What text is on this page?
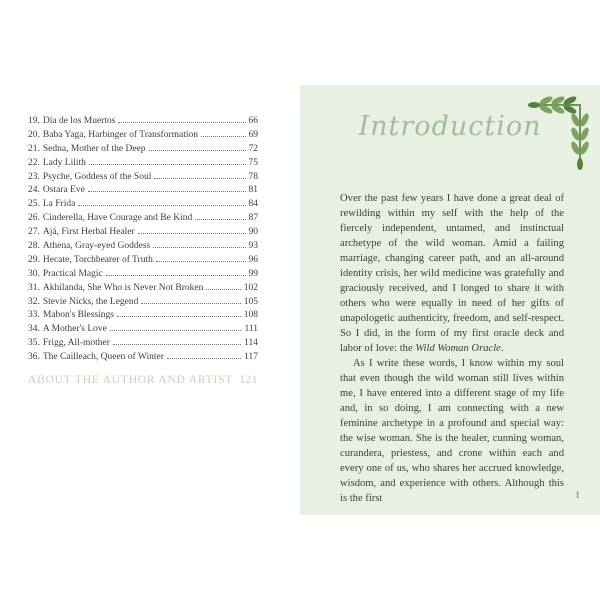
19. Día de los Muertos	66
20. Baba Yaga, Harbinger of Transformation	69
21. Sedna, Mother of the Deep	72
22. Lady Lilith	75
23. Psyche, Goddess of the Soul	78
24. Ostara Eve	81
25. La Frida	84
26. Cinderella, Have Courage and Be Kind	87
27. Ajá, First Herbal Healer	90
28. Athena, Gray-eyed Goddess	93
29. Hecate, Torchbearer of Truth	96
30. Practical Magic	99
31. Akhilanda, She Who is Never Not Broken	102
32. Stevie Nicks, the Legend	105
33. Mabon's Blessings	108
34. A Mother's Love	111
35. Frigg, All-mother	114
36. The Cailleach, Queen of Winter	117
ABOUT THE AUTHOR AND ARTIST 121
Introduction

Over the past few years I have done a great deal of rewilding within my self with the help of the fiercely independent, untamed, and instinctual archetype of the wild woman. Amid a failing marriage, changing career path, and an all-around identity crisis, her wild medicine was gratefully and graciously received, and I longed to share it with others who were equally in need of her gifts of unapologetic authenticity, freedom, and self-respect. So I did, in the form of my first oracle deck and labor of love: the Wild Woman Oracle.

As I write these words, I know within my soul that even though the wild woman still lives within me, I have entered into a different stage of my life and, in so doing, I am connecting with a new feminine archetype in a profound and special way: the wise woman. She is the healer, cunning woman, curandera, priestess, and crone within each and every one of us, who shares her accrued knowledge, wisdom, and experience with others. Although this is the first	1
